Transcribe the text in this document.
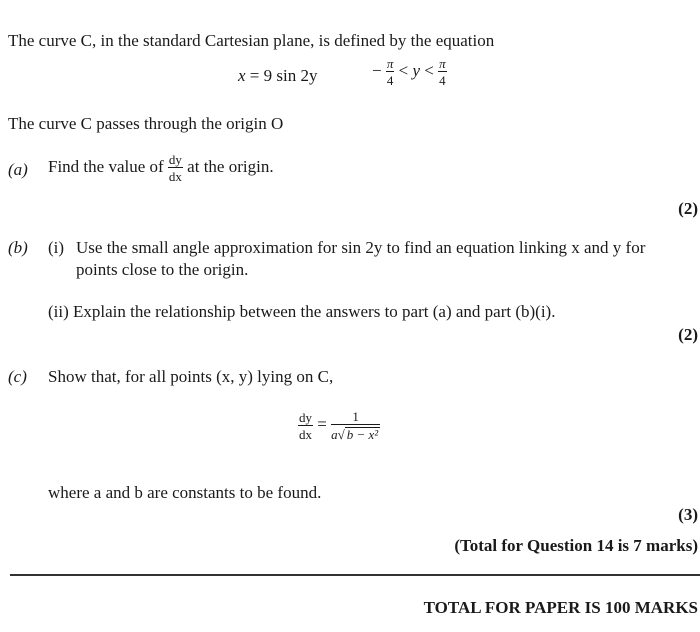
The curve C, in the standard Cartesian plane, is defined by the equation
x = 9 sin 2y	− $\frac{\pi}{4} < y < \frac{\pi}{4}$
The curve C passes through the origin O
(a) Find the value of $\frac{dy}{dx}$ at the origin.
(2)
(b) (i) Use the small angle approximation for sin 2y to find an equation linking x and y for
points close to the origin.
(ii) Explain the relationship between the answers to part (a) and part (b)(i).
(2)
(c) Show that, for all points (x, y) lying on C,
$\frac{dy}{dx} = \frac{1}{\text{a√ b − x²}}$
where a and b are constants to be found.
(3)
(Total for Question 14 is 7 marks)
TOTAL FOR PAPER IS 100 MARKS
